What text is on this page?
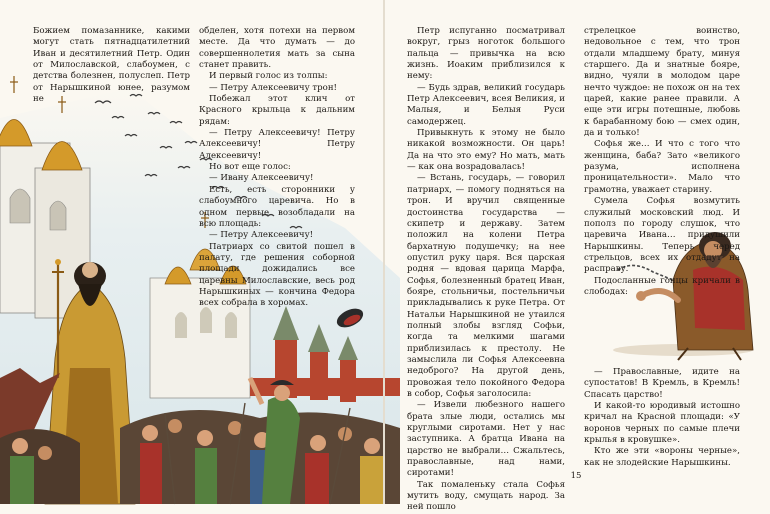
Божием помазаннике, какими могут стать пятнадцатилетний Иван и десятилетний Петр. Один от Милославской, слабоумен, с детства болезнен, полуслеп. Петр от Нарышкиной юнее, разумом не

обделен, хотя потехи на первом месте. Да что думать — до совершеннолетия мать за сына станет править.

И первый голос из толпы:

— Петру Алексеевичу трон!

Побежал этот клич от Красного крыльца к дальним рядам:

— Петру Алексеевичу! Петру Алексеевичу! Петру Алексеевичу!

Но вот еще голос:

— Ивану Алексеевичу!

Есть, есть сторонники у слабоумного царевича. Но в одном первые возобладали на всю площадь:

— Петру Алексеевичу!

Патриарх со свитой пошел в палату, где решения соборной площади дожидались все царевны Милославские, весь род Нарышкиных — кончина Федора всех собрала в хоромах.

Петр испуганно посматривал вокруг, грыз ноготок большого пальца — привычка на всю жизнь. Иоаким приблизился к нему:

— Будь здрав, великий государь Петр Алексеевич, всея Великия, и Малыя, и Белыя Руси самодержец.

Привыкнуть к этому не было никакой возможности. Он царь! Да на что это ему? Но мать, мать — как она возрадовалась!

— Встань, государь, — говорил патриарх, — помогу подняться на трон. И вручил священные достоинства государства — скипетр и державу. Затем положил на колени Петра бархатную подушечку; на нее опустил руку царя. Вся царская родня — вдовая царица Марфа, Софья, болезненный братец Иван, бояре, стольничьи, постельничьи прикладывались к руке Петра. От Натальи Нарышкиной не утаился полный злобы взгляд Софьи, когда та мелкими шагами приблизилась к престолу. Не замыслила ли Софья Алексеевна недоброго? На другой день, провожая тело покойного Федора в собор, Софья заголосила:

— Извели любезного нашего брата злые люди, остались мы круглыми сиротами. Нет у нас заступника. А братца Ивана на царство не выбрали… Сжальтесь, православные, над нами, сиротами!

Так помаленьку стала Софья мутить воду, смущать народ. За ней пошло

стрелецкое воинство, недовольное с тем, что трон отдали младшему брату, минуя старшего. Да и знатные бояре, видно, чуяли в молодом царе нечто чуждое: не похож он на тех царей, какие ранее правили. А еще эти игры потешные, любовь к барабанному бою — смех один, да и только!

Софья же… И что с того что женщина, баба? Зато «великого разума, исполнена проницательности». Мало что грамотна, уважает старину.

Сумела Софья возмутить служилый московский люд. И пополз по городу слушок, что царевича Ивана… придушили Нарышкины. Теперь черед стрельцов, всех их отдадут на расправу.

Подосланные гонцы кричали в слободах:

— Православные, идите на супостатов! В Кремль, в Кремль! Спасать царство!

И какой-то юродивый истошно кричал на Красной площади: «У воронов черных по самые плечи крылья в кровушке».

Кто же эти «вороны черные», как не злодейские Нарышкины.

15
